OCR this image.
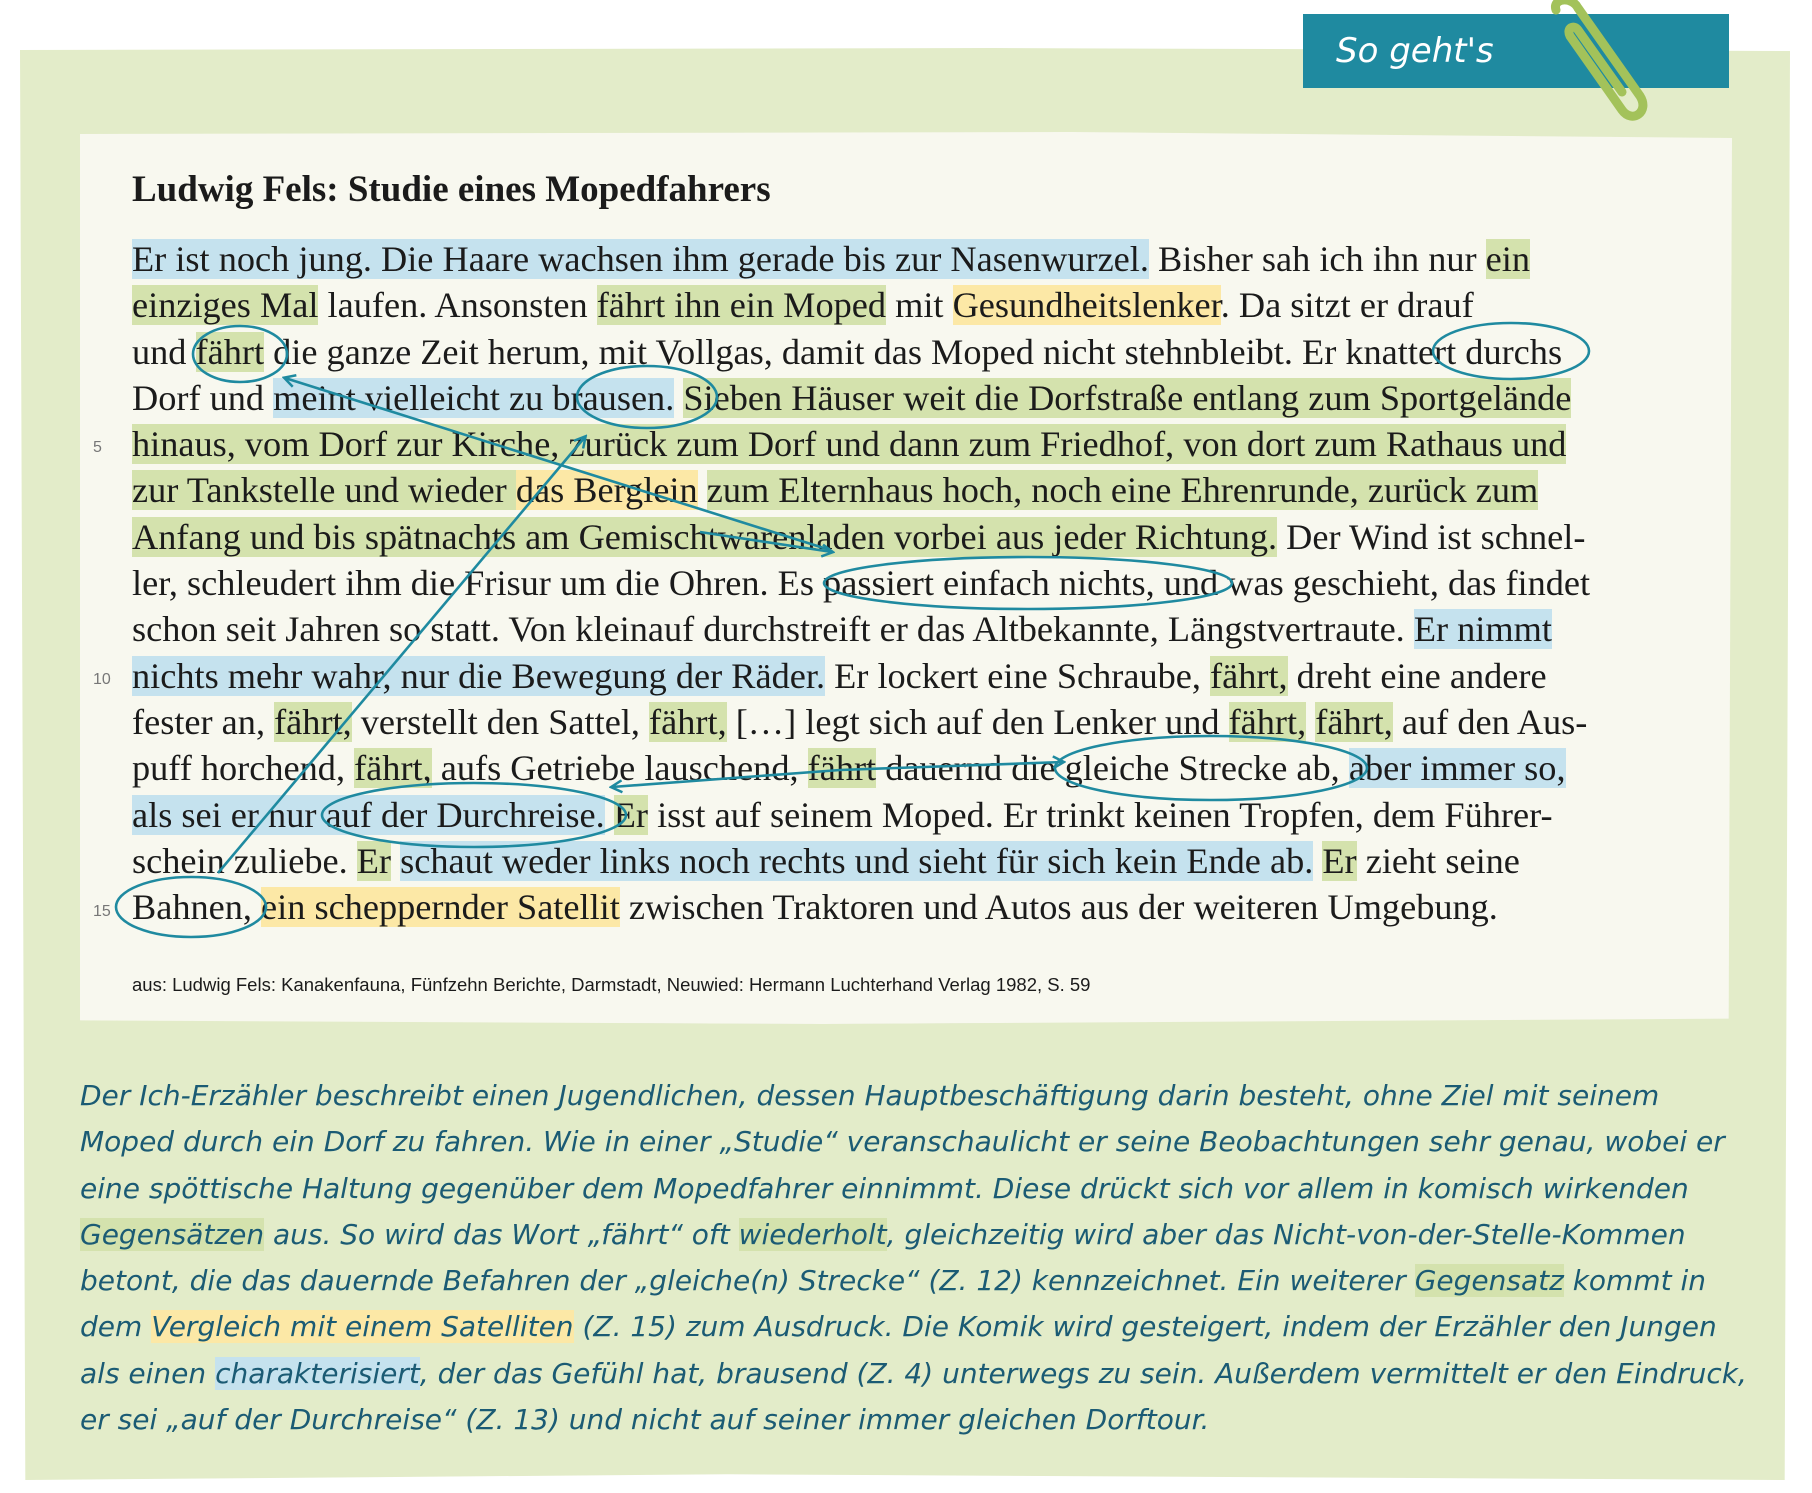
So geht's
Ludwig Fels: Studie eines Mopedfahrers
Er ist noch jung. Die Haare wachsen ihm gerade bis zur Nasenwurzel. Bisher sah ich ihn nur ein
einziges Mal laufen. Ansonsten fährt ihn ein Moped mit Gesundheitslenker. Da sitzt er drauf
und fährt die ganze Zeit herum, mit Vollgas, damit das Moped nicht stehnbleibt. Er knattert durchs
Dorf und meint vielleicht zu brausen. Sieben Häuser weit die Dorfstraße entlang zum Sportgelände
hinaus, vom Dorf zur Kirche, zurück zum Dorf und dann zum Friedhof, von dort zum Rathaus und
zur Tankstelle und wieder das Berglein zum Elternhaus hoch, noch eine Ehrenrunde, zurück zum
Anfang und bis spätnachts am Gemischtwarenladen vorbei aus jeder Richtung. Der Wind ist schnel-
ler, schleudert ihm die Frisur um die Ohren. Es passiert einfach nichts, und was geschieht, das findet
schon seit Jahren so statt. Von kleinauf durchstreift er das Altbekannte, Längstvertraute. Er nimmt
nichts mehr wahr, nur die Bewegung der Räder. Er lockert eine Schraube, fährt, dreht eine andere
fester an, fährt, verstellt den Sattel, fährt, […] legt sich auf den Lenker und fährt, fährt, auf den Aus-
puff horchend, fährt, aufs Getriebe lauschend, fährt dauernd die gleiche Strecke ab, aber immer so,
als sei er nur auf der Durchreise. Er isst auf seinem Moped. Er trinkt keinen Tropfen, dem Führer-
schein zuliebe. Er schaut weder links noch rechts und sieht für sich kein Ende ab. Er zieht seine
Bahnen, ein scheppernder Satellit zwischen Traktoren und Autos aus der weiteren Umgebung.
5
10
15
aus: Ludwig Fels: Kanakenfauna, Fünfzehn Berichte, Darmstadt, Neuwied: Hermann Luchterhand Verlag 1982, S. 59
Der Ich-Erzähler beschreibt einen Jugendlichen, dessen Hauptbeschäftigung darin besteht, ohne Ziel mit seinem
Moped durch ein Dorf zu fahren. Wie in einer „Studie“ veranschaulicht er seine Beobachtungen sehr genau, wobei er
eine spöttische Haltung gegenüber dem Mopedfahrer einnimmt. Diese drückt sich vor allem in komisch wirkenden
Gegensätzen aus. So wird das Wort „fährt“ oft wiederholt, gleichzeitig wird aber das Nicht-von-der-Stelle-Kommen
betont, die das dauernde Befahren der „gleiche(n) Strecke“ (Z. 12) kennzeichnet. Ein weiterer Gegensatz kommt in
dem Vergleich mit einem Satelliten (Z. 15) zum Ausdruck. Die Komik wird gesteigert, indem der Erzähler den Jungen
als einen charakterisiert, der das Gefühl hat, brausend (Z. 4) unterwegs zu sein. Außerdem vermittelt er den Eindruck,
er sei „auf der Durchreise“ (Z. 13) und nicht auf seiner immer gleichen Dorftour.
